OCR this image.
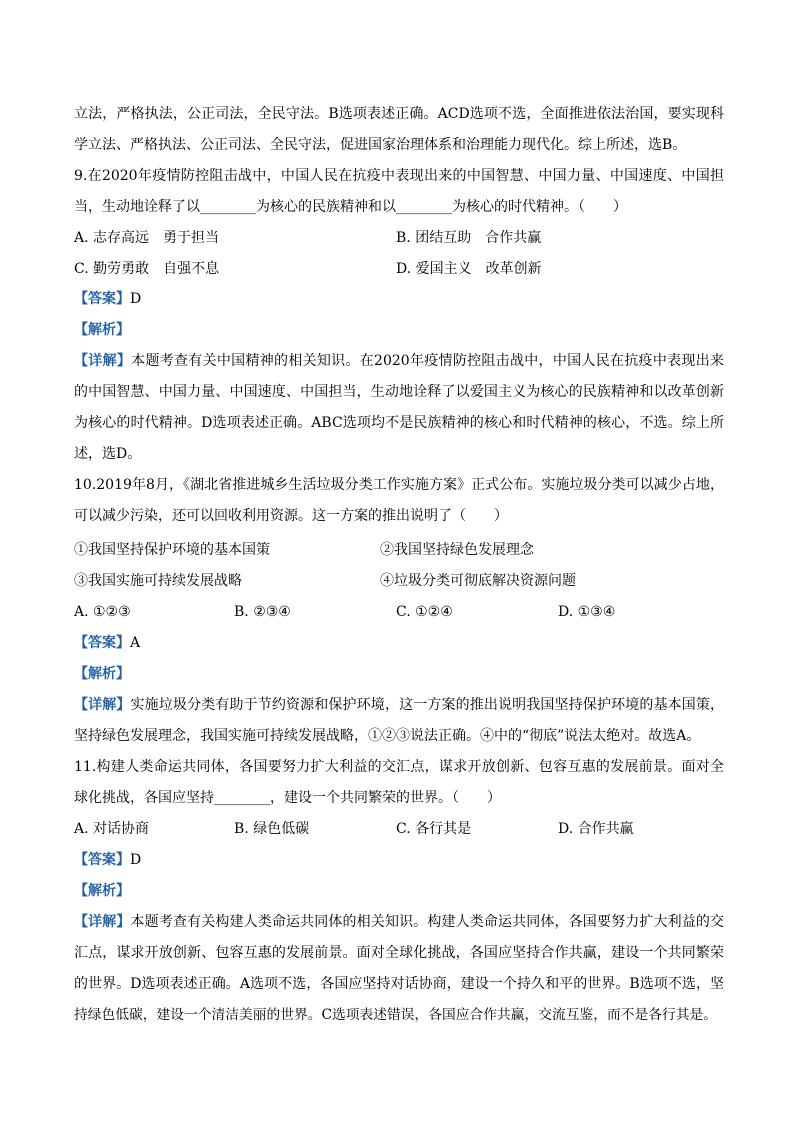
立法，严格执法，公正司法，全民守法。B选项表述正确。ACD选项不选，全面推进依法治国，要实现科
学立法、严格执法、公正司法、全民守法，促进国家治理体系和治理能力现代化。综上所述，选B。
9.在2020年疫情防控阻击战中，中国人民在抗疫中表现出来的中国智慧、中国力量、中国速度、中国担
当，生动地诠释了以________为核心的民族精神和以________为核心的时代精神。（　　）
A. 志存高远　勇于担当	B. 团结互助　合作共赢
C. 勤劳勇敢　自强不息	D. 爱国主义　改革创新
【答案】D
【解析】
【详解】本题考查有关中国精神的相关知识。在2020年疫情防控阻击战中，中国人民在抗疫中表现出来
的中国智慧、中国力量、中国速度、中国担当，生动地诠释了以爱国主义为核心的民族精神和以改革创新
为核心的时代精神。D选项表述正确。ABC选项均不是民族精神的核心和时代精神的核心，不选。综上所
述，选D。
10.2019年8月，《湖北省推进城乡生活垃圾分类工作实施方案》正式公布。实施垃圾分类可以减少占地，
可以减少污染，还可以回收利用资源。这一方案的推出说明了（　　）
①我国坚持保护环境的基本国策	②我国坚持绿色发展理念
③我国实施可持续发展战略	④垃圾分类可彻底解决资源问题
A. ①②③	B. ②③④	C. ①②④	D. ①③④
【答案】A
【解析】
【详解】实施垃圾分类有助于节约资源和保护环境，这一方案的推出说明我国坚持保护环境的基本国策，
坚持绿色发展理念，我国实施可持续发展战略，①②③说法正确。④中的“彻底”说法太绝对。故选A。
11.构建人类命运共同体，各国要努力扩大利益的交汇点，谋求开放创新、包容互惠的发展前景。面对全
球化挑战，各国应坚持________，建设一个共同繁荣的世界。（　　）
A. 对话协商	B. 绿色低碳	C. 各行其是	D. 合作共赢
【答案】D
【解析】
【详解】本题考查有关构建人类命运共同体的相关知识。构建人类命运共同体，各国要努力扩大利益的交
汇点，谋求开放创新、包容互惠的发展前景。面对全球化挑战，各国应坚持合作共赢，建设一个共同繁荣
的世界。D选项表述正确。A选项不选，各国应坚持对话协商，建设一个持久和平的世界。B选项不选，坚
持绿色低碳，建设一个清洁美丽的世界。C选项表述错误，各国应合作共赢，交流互鉴，而不是各行其是。
